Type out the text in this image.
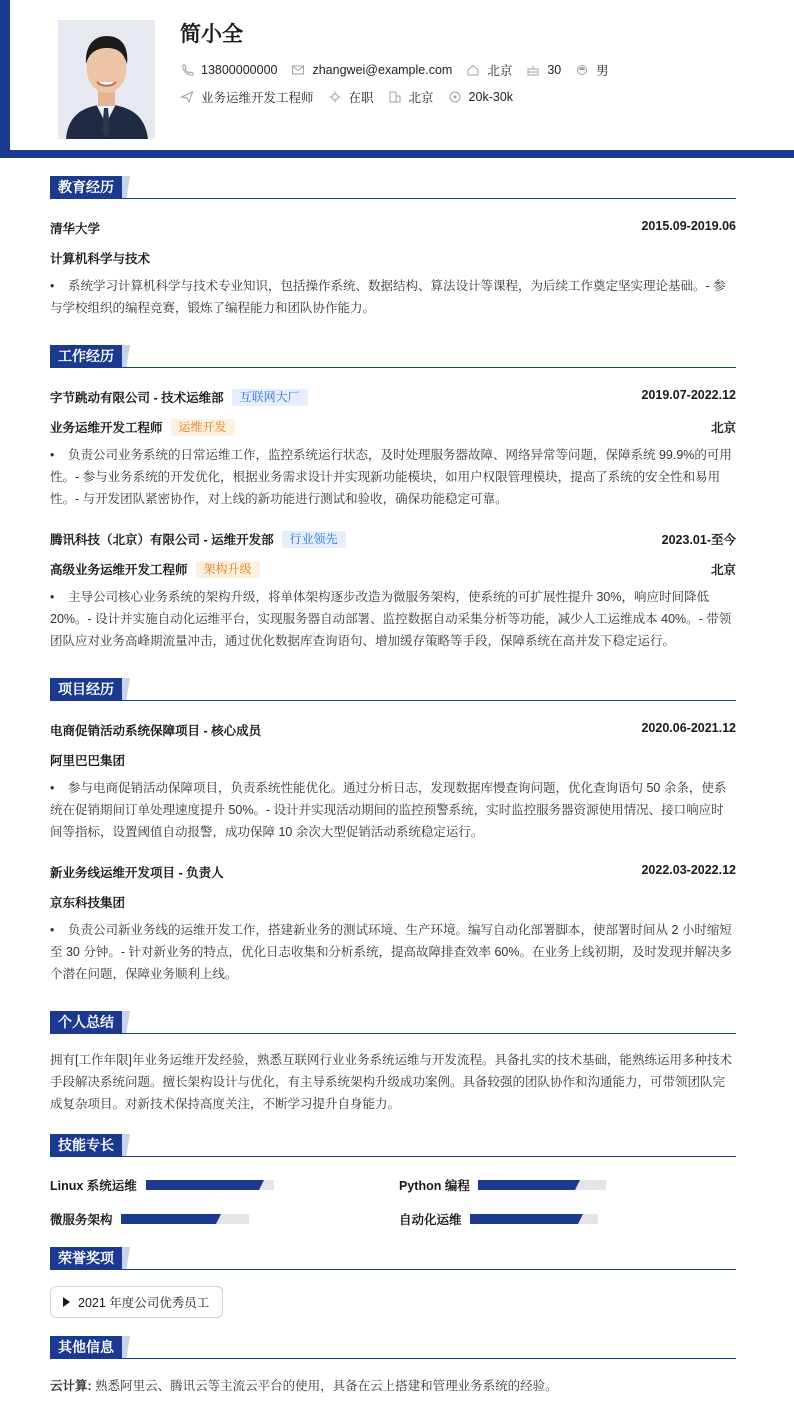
简小全
13800000000	zhangwei@example.com	北京	30	男
业务运维开发工程师	在职	北京	20k-30k
教育经历
清华大学	2015.09-2019.06
计算机科学与技术
• 系统学习计算机科学与技术专业知识，包括操作系统、数据结构、算法设计等课程，为后续工作奠定坚实理论基础。- 参与学校组织的编程竞赛，锻炼了编程能力和团队协作能力。
工作经历
字节跳动有限公司 - 技术运维部	互联网大厂	2019.07-2022.12
业务运维开发工程师	运维开发	北京
• 负责公司业务系统的日常运维工作，监控系统运行状态，及时处理服务器故障、网络异常等问题，保障系统 99.9%的可用性。- 参与业务系统的开发优化，根据业务需求设计并实现新功能模块，如用户权限管理模块，提高了系统的安全性和易用性。- 与开发团队紧密协作，对上线的新功能进行测试和验收，确保功能稳定可靠。
腾讯科技（北京）有限公司 - 运维开发部	行业领先	2023.01-至今
高级业务运维开发工程师	架构升级	北京
• 主导公司核心业务系统的架构升级，将单体架构逐步改造为微服务架构，使系统的可扩展性提升 30%，响应时间降低 20%。- 设计并实施自动化运维平台，实现服务器自动部署、监控数据自动采集分析等功能，减少人工运维成本 40%。- 带领团队应对业务高峰期流量冲击，通过优化数据库查询语句、增加缓存策略等手段，保障系统在高并发下稳定运行。
项目经历
电商促销活动系统保障项目 - 核心成员	2020.06-2021.12
阿里巴巴集团
• 参与电商促销活动保障项目，负责系统性能优化。通过分析日志，发现数据库慢查询问题，优化查询语句 50 余条，使系统在促销期间订单处理速度提升 50%。- 设计并实现活动期间的监控预警系统，实时监控服务器资源使用情况、接口响应时间等指标，设置阈值自动报警，成功保障 10 余次大型促销活动系统稳定运行。
新业务线运维开发项目 - 负责人	2022.03-2022.12
京东科技集团
• 负责公司新业务线的运维开发工作，搭建新业务的测试环境、生产环境。编写自动化部署脚本，使部署时间从 2 小时缩短至 30 分钟。- 针对新业务的特点，优化日志收集和分析系统，提高故障排查效率 60%。在业务上线初期，及时发现并解决多个潜在问题，保障业务顺利上线。
个人总结
拥有[工作年限]年业务运维开发经验，熟悉互联网行业业务系统运维与开发流程。具备扎实的技术基础，能熟练运用多种技术手段解决系统问题。擅长架构设计与优化，有主导系统架构升级成功案例。具备较强的团队协作和沟通能力，可带领团队完成复杂项目。对新技术保持高度关注，不断学习提升自身能力。
技能专长
Linux 系统运维	Python 编程
微服务架构	自动化运维
荣誉奖项
2021 年度公司优秀员工
其他信息
云计算: 熟悉阿里云、腾讯云等主流云平台的使用，具备在云上搭建和管理业务系统的经验。
